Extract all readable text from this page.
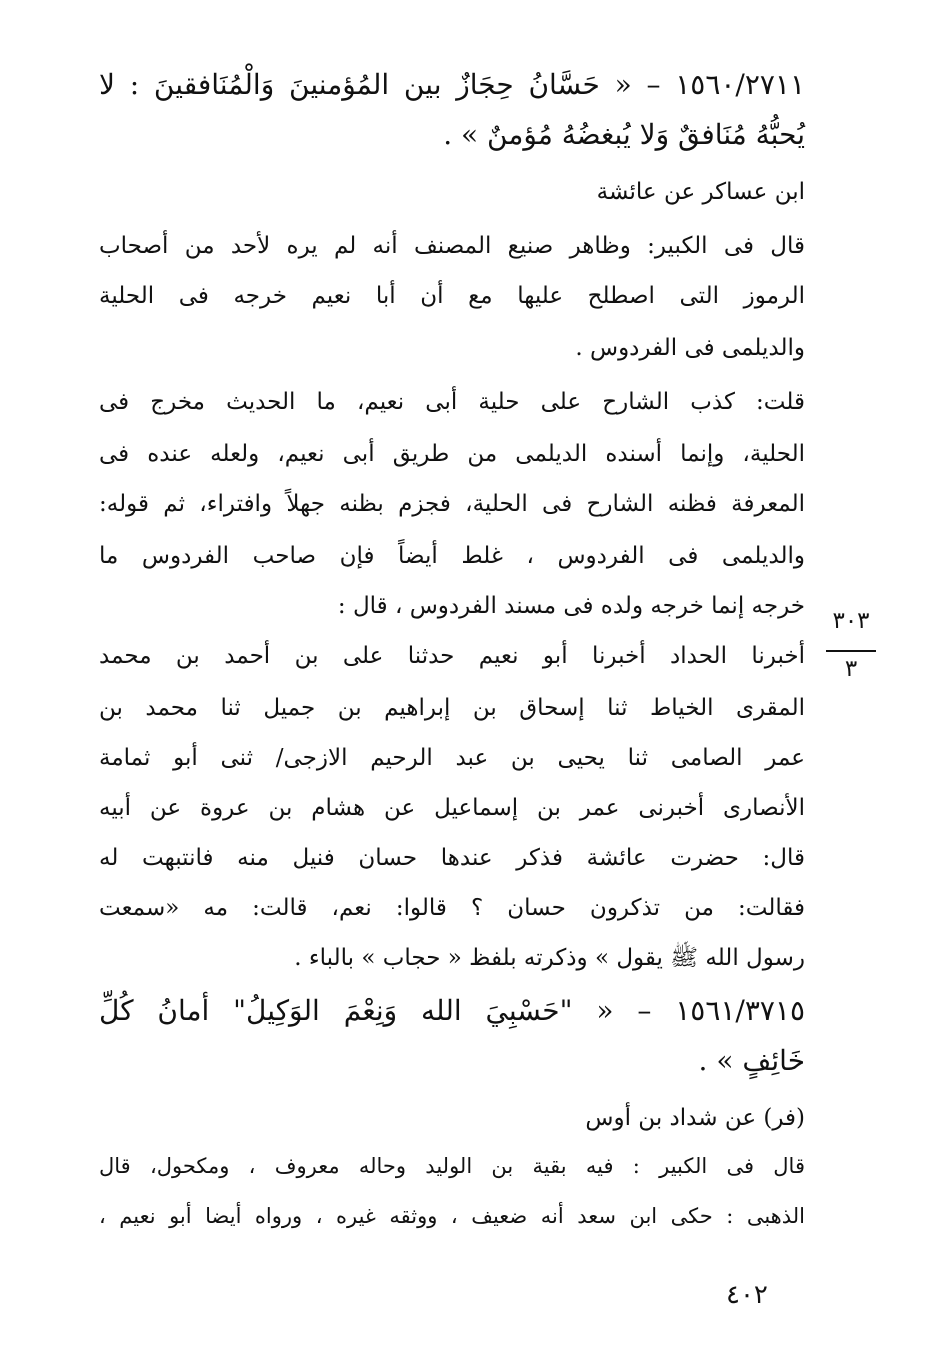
١٥٦٠/٢٧١١ – « حَسَّانُ حِجَازٌ بين المُؤمنينَ وَالْمُنَافقينَ : لا
يُحبُّهُ مُنَافقٌ وَلا يُبغضُهُ مُؤمنٌ » .
ابن عساكر عن عائشة
قال فى الكبير: وظاهر صنيع المصنف أنه لم يره لأحد من أصحاب
الرموز التى اصطلح عليها مع أن أبا نعيم خرجه فى الحلية
والديلمى فى الفردوس .
قلت: كذب الشارح على حلية أبى نعيم، ما الحديث مخرج فى
الحلية، وإنما أسنده الديلمى من طريق أبى نعيم، ولعله عنده فى
المعرفة فظنه الشارح فى الحلية، فجزم بظنه جهلاً وافتراء، ثم قوله:
والديلمى فى الفردوس ، غلط أيضاً فإن صاحب الفردوس ما
خرجه إنما خرجه ولده فى مسند الفردوس ، قال :
أخبرنا الحداد أخبرنا أبو نعيم حدثنا على بن أحمد بن محمد
المقرى الخياط ثنا إسحاق بن إبراهيم بن جميل ثنا محمد بن
عمر الصامى ثنا يحيى بن عبد الرحيم الازجى/ ثنى أبو ثمامة
الأنصارى أخبرنى عمر بن إسماعيل عن هشام بن عروة عن أبيه
قال: حضرت عائشة فذكر عندها حسان فنيل منه فانتبهت له
فقالت: من تذكرون حسان ؟ قالوا: نعم، قالت: مه «سمعت
رسول الله ﷺ يقول » وذكرته بلفظ « حجاب » بالباء .
١٥٦١/٣٧١٥ – « "حَسْبِيَ الله وَنِعْمَ الوَكِيلُ" أمانُ كُلِّ
خَائِفٍ » .
(فر) عن شداد بن أوس
قال فى الكبير : فيه بقية بن الوليد وحاله معروف ، ومكحول، قال
الذهبى : حكى ابن سعد أنه ضعيف ، ووثقه غيره ، ورواه أيضا أبو نعيم ،
٣٠٣
٣
٤٠٢
